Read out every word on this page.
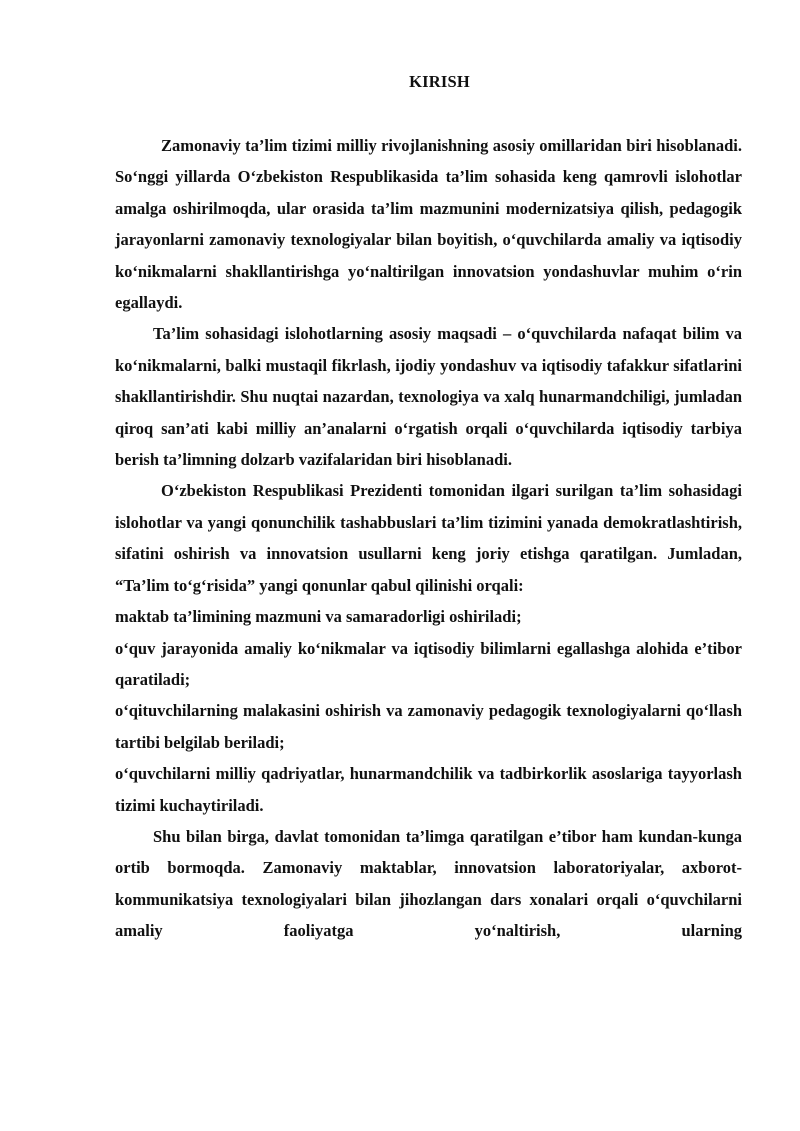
KIRISH

Zamonaviy ta’lim tizimi milliy rivojlanishning asosiy omillaridan biri hisoblanadi. So‘nggi yillarda O‘zbekiston Respublikasida ta’lim sohasida keng qamrovli islohotlar amalga oshirilmoqda, ular orasida ta’lim mazmunini modernizatsiya qilish, pedagogik jarayonlarni zamonaviy texnologiyalar bilan boyitish, o‘quvchilarda amaliy va iqtisodiy ko‘nikmalarni shakllantirishga yo‘naltirilgan innovatsion yondashuvlar muhim o‘rin egallaydi.

Ta’lim sohasidagi islohotlarning asosiy maqsadi – o‘quvchilarda nafaqat bilim va ko‘nikmalarni, balki mustaqil fikrlash, ijodiy yondashuv va iqtisodiy tafakkur sifatlarini shakllantirishdir. Shu nuqtai nazardan, texnologiya va xalq hunarmandchiligi, jumladan qiroq san’ati kabi milliy an’analarni o‘rgatish orqali o‘quvchilarda iqtisodiy tarbiya berish ta’limning dolzarb vazifalaridan biri hisoblanadi.

O‘zbekiston Respublikasi Prezidenti tomonidan ilgari surilgan ta’lim sohasidagi islohotlar va yangi qonunchilik tashabbuslari ta’lim tizimini yanada demokratlashtirish, sifatini oshirish va innovatsion usullarni keng joriy etishga qaratilgan. Jumladan, “Ta’lim to‘g‘risida” yangi qonunlar qabul qilinishi orqali:

maktab ta’limining mazmuni va samaradorligi oshiriladi;

o‘quv jarayonida amaliy ko‘nikmalar va iqtisodiy bilimlarni egallashga alohida e’tibor qaratiladi;

o‘qituvchilarning malakasini oshirish va zamonaviy pedagogik texnologiyalarni qo‘llash tartibi belgilab beriladi;

o‘quvchilarni milliy qadriyatlar, hunarmandchilik va tadbirkorlik asoslariga tayyorlash tizimi kuchaytiriladi.

Shu bilan birga, davlat tomonidan ta’limga qaratilgan e’tibor ham kundan-kunga ortib bormoqda. Zamonaviy maktablar, innovatsion laboratoriyalar, axborot-kommunikatsiya texnologiyalari bilan jihozlangan dars xonalari orqali o‘quvchilarni amaliy faoliyatga yo‘naltirish, ularning
